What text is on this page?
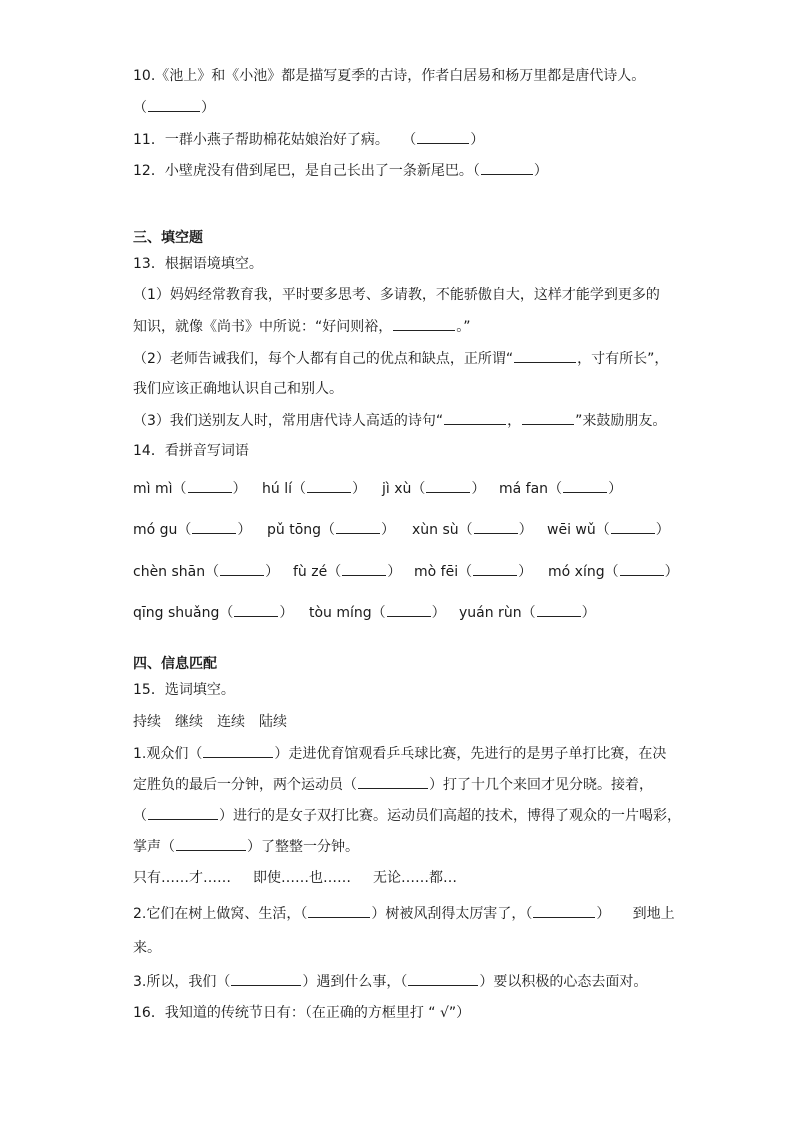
10.《池上》和《小池》都是描写夏季的古诗，作者白居易和杨万里都是唐代诗人。
（	）
11．一群小燕子帮助棉花姑娘治好了病。 （	）
12．小壁虎没有借到尾巴，是自己长出了一条新尾巴。（	）
三、填空题
13．根据语境填空。
（1）妈妈经常教育我，平时要多思考、多请教，不能骄傲自大，这样才能学到更多的
知识，就像《尚书》中所说：“好问则裕，	。”
（2）老师告诫我们，每个人都有自己的优点和缺点，正所谓“	，寸有所长”，
我们应该正确地认识自己和别人。
（3）我们送别友人时，常用唐代诗人高适的诗句“	，	”来鼓励朋友。
14．看拼音写词语
mì mì（	） hú lí（	） jì xù（	） má fan（	）
mó gu（	） pǔ tōng（	） xùn sù（	） wēi wǔ（	）
chèn shān（	） fù zé（	） mò fēi（	） mó xíng（	）
qīng shuǎng（	） tòu míng（	） yuán rùn（	）
四、信息匹配
15．选词填空。
持续 继续 连续 陆续
1.观众们（	）走进优育馆观看乒乓球比赛，先进行的是男子单打比赛，在决
定胜负的最后一分钟，两个运动员（	）打了十几个来回才见分晓。接着，
（	）进行的是女子双打比赛。运动员们高超的技术，博得了观众的一片喝彩，
掌声（	）了整整一分钟。
只有……才…… 即使……也…… 无论……都…
2.它们在树上做窝、生活，（	）树被风刮得太厉害了，（	） 到地上
来。
3.所以，我们（	）遇到什么事，（	）要以积极的心态去面对。
16．我知道的传统节日有：（在正确的方框里打 “ √”）
